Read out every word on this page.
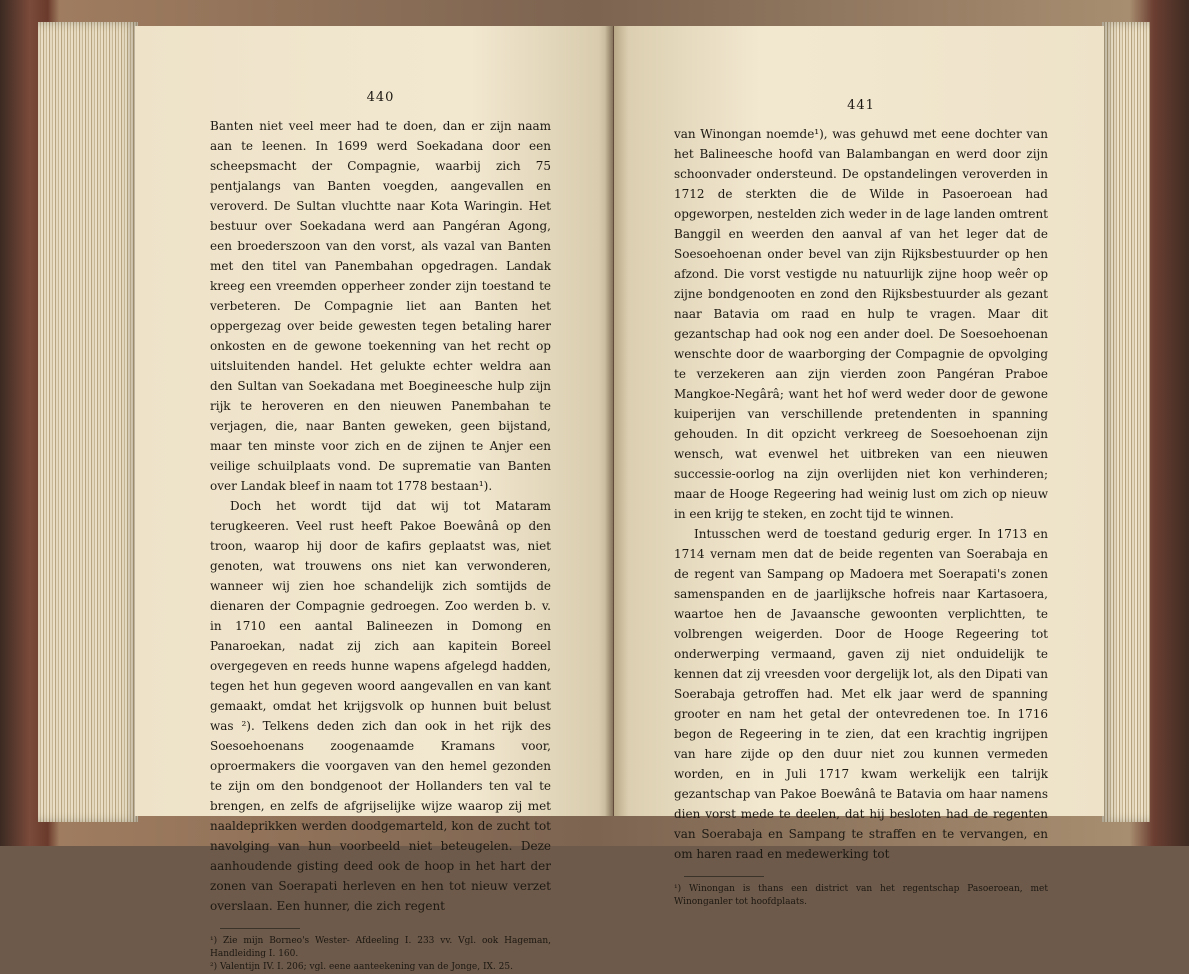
440

Banten niet veel meer had te doen, dan er zijn naam aan te leenen. In 1699 werd Soekadana door een scheepsmacht der Compagnie, waarbij zich 75 pentjalangs van Banten voegden, aangevallen en veroverd. De Sultan vluchtte naar Kota Waringin. Het bestuur over Soekadana werd aan Pangéran Agong, een broederszoon van den vorst, als vazal van Banten met den titel van Panembahan opgedragen. Landak kreeg een vreemden opperheer zonder zijn toestand te verbeteren. De Compagnie liet aan Banten het oppergezag over beide gewesten tegen betaling harer onkosten en de gewone toekenning van het recht op uitsluitenden handel. Het gelukte echter weldra aan den Sultan van Soekadana met Boegineesche hulp zijn rijk te heroveren en den nieuwen Panembahan te verjagen, die, naar Banten geweken, geen bijstand, maar ten minste voor zich en de zijnen te Anjer een veilige schuilplaats vond. De suprematie van Banten over Landak bleef in naam tot 1778 bestaan¹).

Doch het wordt tijd dat wij tot Mataram terugkeeren. Veel rust heeft Pakoe Boewânâ op den troon, waarop hij door de kafirs geplaatst was, niet genoten, wat trouwens ons niet kan verwonderen, wanneer wij zien hoe schandelijk zich somtijds de dienaren der Compagnie gedroegen. Zoo werden b. v. in 1710 een aantal Balineezen in Domong en Panaroekan, nadat zij zich aan kapitein Boreel overgegeven en reeds hunne wapens afgelegd hadden, tegen het hun gegeven woord aangevallen en van kant gemaakt, omdat het krijgsvolk op hunnen buit belust was ²). Telkens deden zich dan ook in het rijk des Soesoehoenans zoogenaamde Kramans voor, oproermakers die voorgaven van den hemel gezonden te zijn om den bondgenoot der Hollanders ten val te brengen, en zelfs de afgrijselijke wijze waarop zij met naaldeprikken werden doodgemarteld, kon de zucht tot navolging van hun voorbeeld niet beteugelen. Deze aanhoudende gisting deed ook de hoop in het hart der zonen van Soerapati herleven en hen tot nieuw verzet overslaan. Een hunner, die zich regent

¹) Zie mijn Borneo's Wester- Afdeeling I. 233 vv. Vgl. ook Hageman, Handleiding I. 160.

²) Valentijn IV. I. 206; vgl. eene aanteekening van de Jonge, IX. 25.

441

van Winongan noemde¹), was gehuwd met eene dochter van het Balineesche hoofd van Balambangan en werd door zijn schoonvader ondersteund. De opstandelingen veroverden in 1712 de sterkten die de Wilde in Pasoeroean had opgeworpen, nestelden zich weder in de lage landen omtrent Banggil en weerden den aanval af van het leger dat de Soesoehoenan onder bevel van zijn Rijksbestuurder op hen afzond. Die vorst vestigde nu natuurlijk zijne hoop weêr op zijne bondgenooten en zond den Rijksbestuurder als gezant naar Batavia om raad en hulp te vragen. Maar dit gezantschap had ook nog een ander doel. De Soesoehoenan wenschte door de waarborging der Compagnie de opvolging te verzekeren aan zijn vierden zoon Pangéran Praboe Mangkoe-Negârâ; want het hof werd weder door de gewone kuiperijen van verschillende pretendenten in spanning gehouden. In dit opzicht verkreeg de Soesoehoenan zijn wensch, wat evenwel het uitbreken van een nieuwen successie-oorlog na zijn overlijden niet kon verhinderen; maar de Hooge Regeering had weinig lust om zich op nieuw in een krijg te steken, en zocht tijd te winnen.

Intusschen werd de toestand gedurig erger. In 1713 en 1714 vernam men dat de beide regenten van Soerabaja en de regent van Sampang op Madoera met Soerapati's zonen samenspanden en de jaarlijksche hofreis naar Kartasoera, waartoe hen de Javaansche gewoonten verplichtten, te volbrengen weigerden. Door de Hooge Regeering tot onderwerping vermaand, gaven zij niet onduidelijk te kennen dat zij vreesden voor dergelijk lot, als den Dipati van Soerabaja getroffen had. Met elk jaar werd de spanning grooter en nam het getal der ontevredenen toe. In 1716 begon de Regeering in te zien, dat een krachtig ingrijpen van hare zijde op den duur niet zou kunnen vermeden worden, en in Juli 1717 kwam werkelijk een talrijk gezantschap van Pakoe Boewânâ te Batavia om haar namens dien vorst mede te deelen, dat hij besloten had de regenten van Soerabaja en Sampang te straffen en te vervangen, en om haren raad en medewerking tot

¹) Winongan is thans een district van het regentschap Pasoeroean, met Winonganler tot hoofdplaats.
